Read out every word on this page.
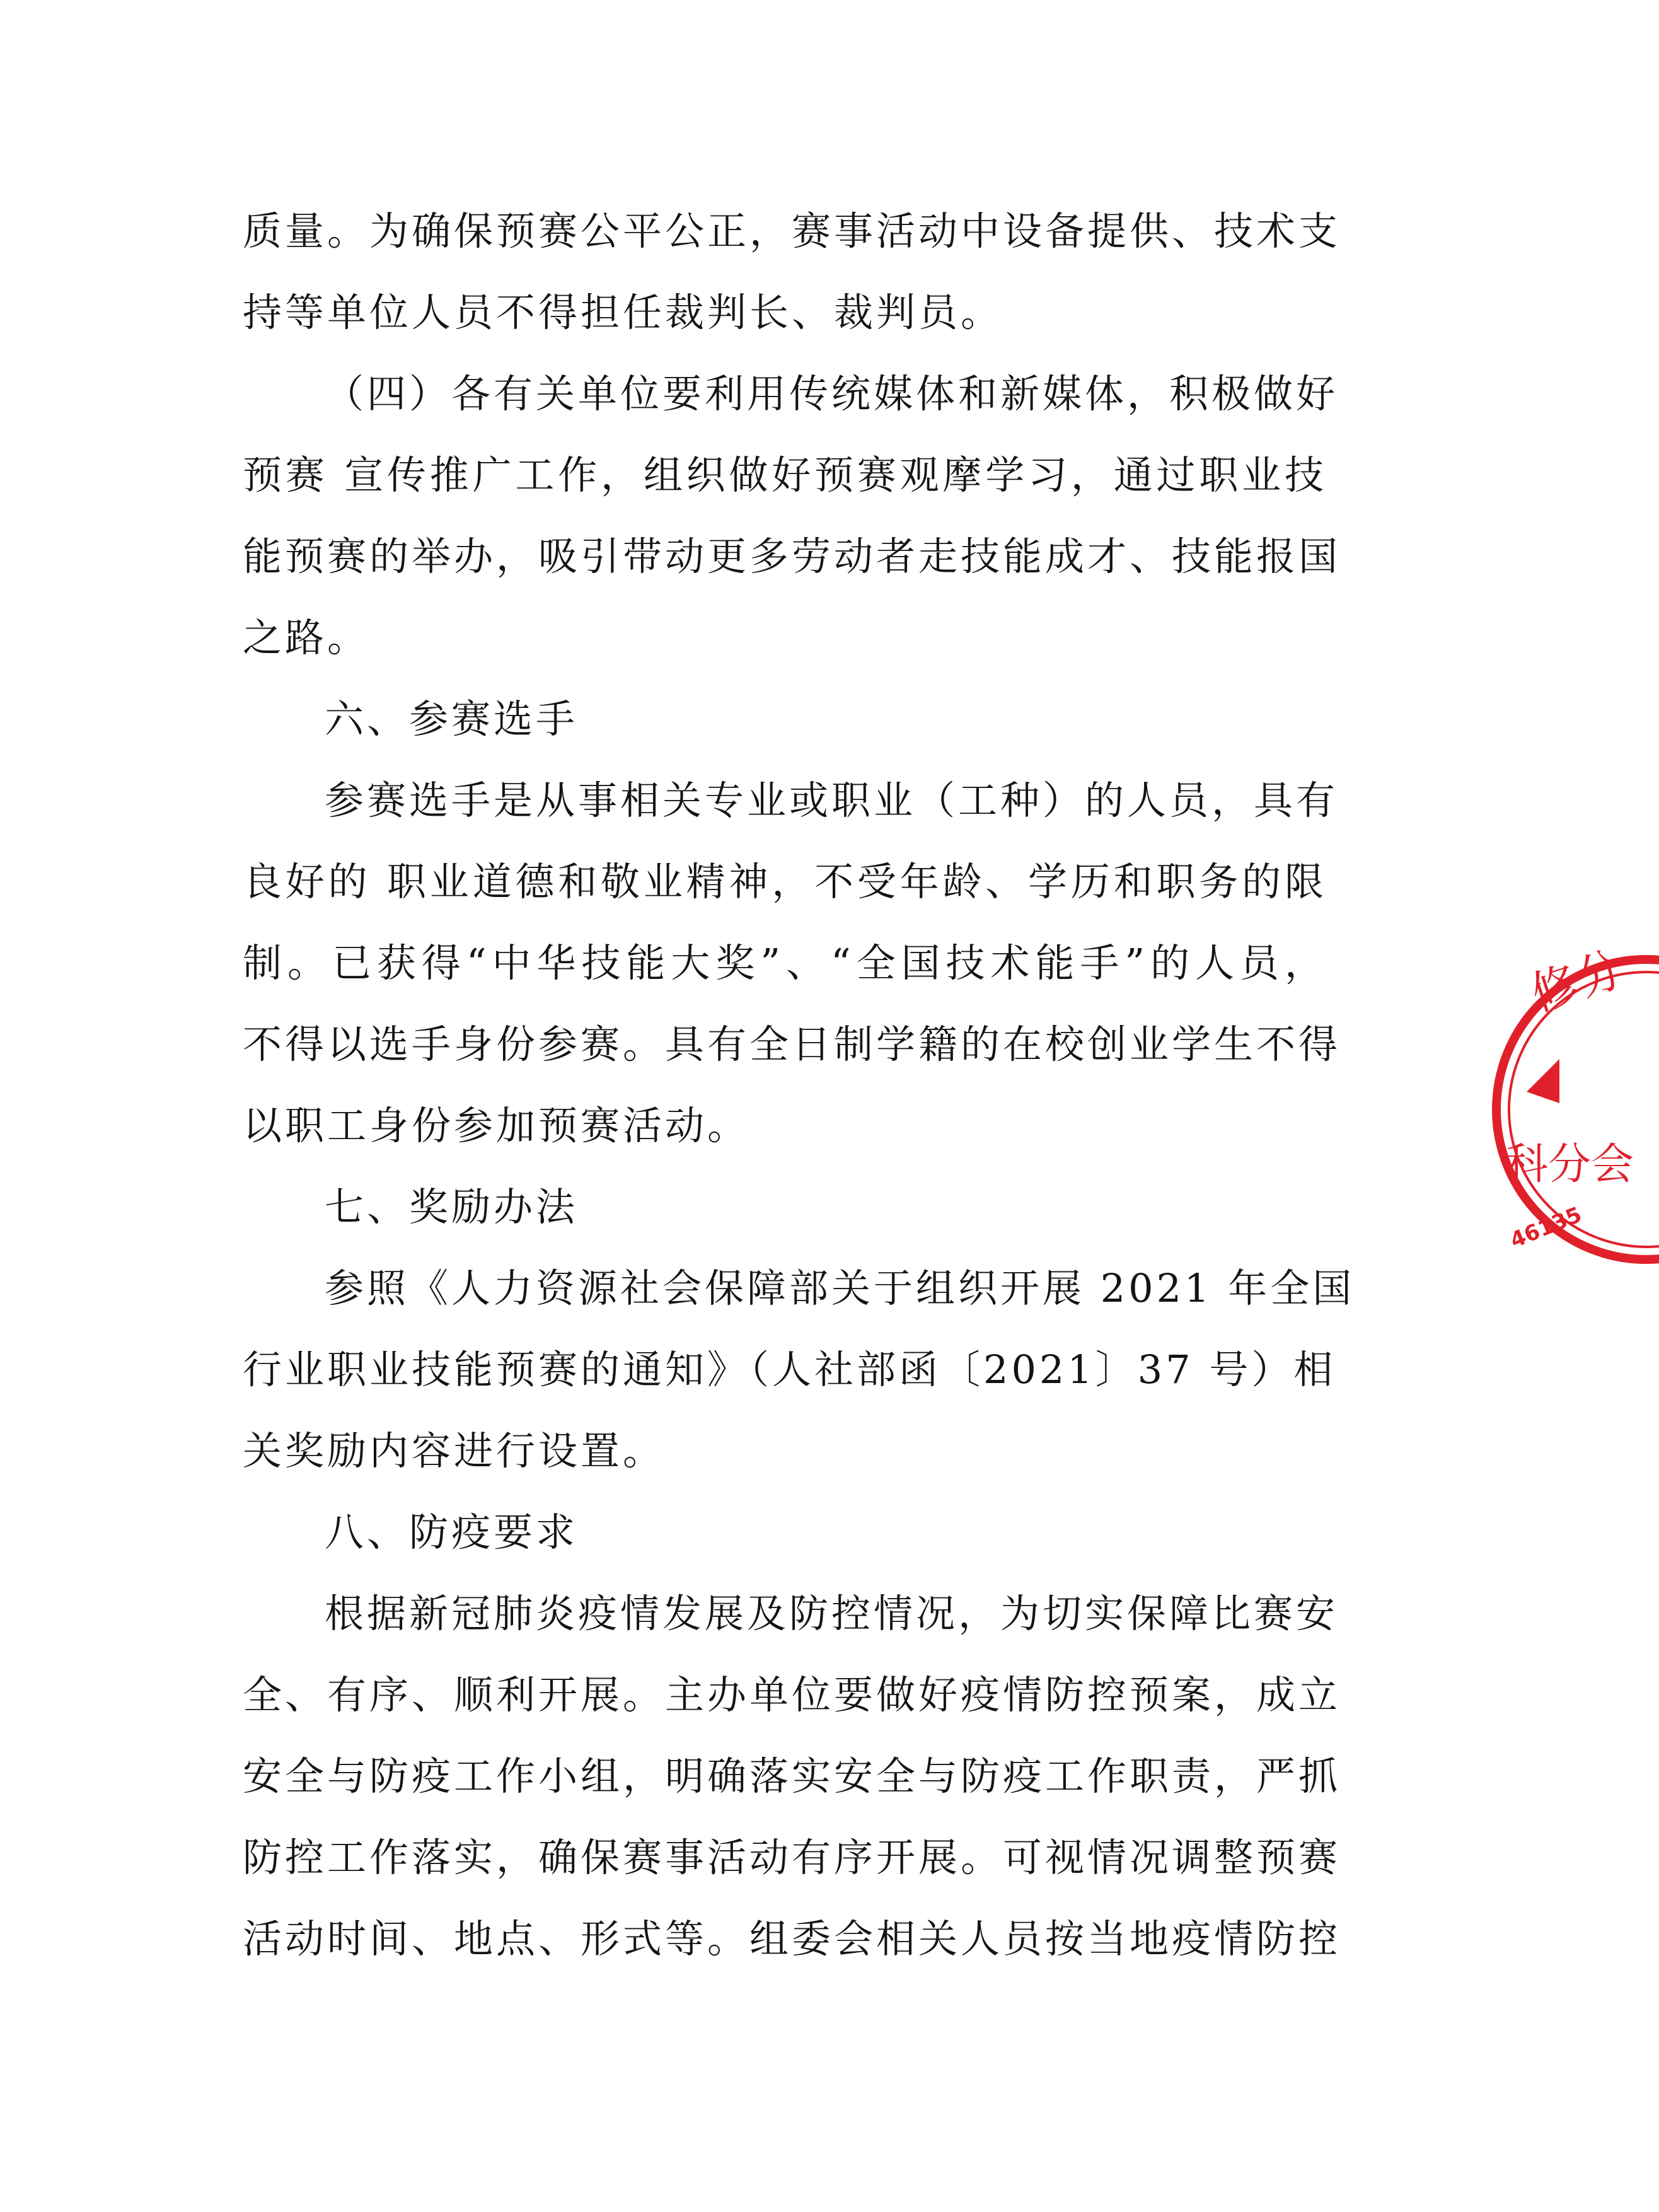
质量。为确保预赛公平公正，赛事活动中设备提供、技术支
持等单位人员不得担任裁判长、裁判员。
（四）各有关单位要利用传统媒体和新媒体，积极做好
预赛 宣传推广工作，组织做好预赛观摩学习，通过职业技
能预赛的举办，吸引带动更多劳动者走技能成才、技能报国
之路。
六、参赛选手
参赛选手是从事相关专业或职业（工种）的人员，具有
良好的 职业道德和敬业精神，不受年龄、学历和职务的限
制。已获得“中华技能大奖”、“全国技术能手”的人员，
不得以选手身份参赛。具有全日制学籍的在校创业学生不得
以职工身份参加预赛活动。
七、奖励办法
参照《人力资源社会保障部关于组织开展 2021 年全国
行业职业技能预赛的通知》（人社部函〔2021〕37 号）相
关奖励内容进行设置。
八、防疫要求
根据新冠肺炎疫情发展及防控情况，为切实保障比赛安
全、有序、顺利开展。主办单位要做好疫情防控预案，成立
安全与防疫工作小组，明确落实安全与防疫工作职责，严抓
防控工作落实，确保赛事活动有序开展。可视情况调整预赛
活动时间、地点、形式等。组委会相关人员按当地疫情防控
修分
科分会
46135
